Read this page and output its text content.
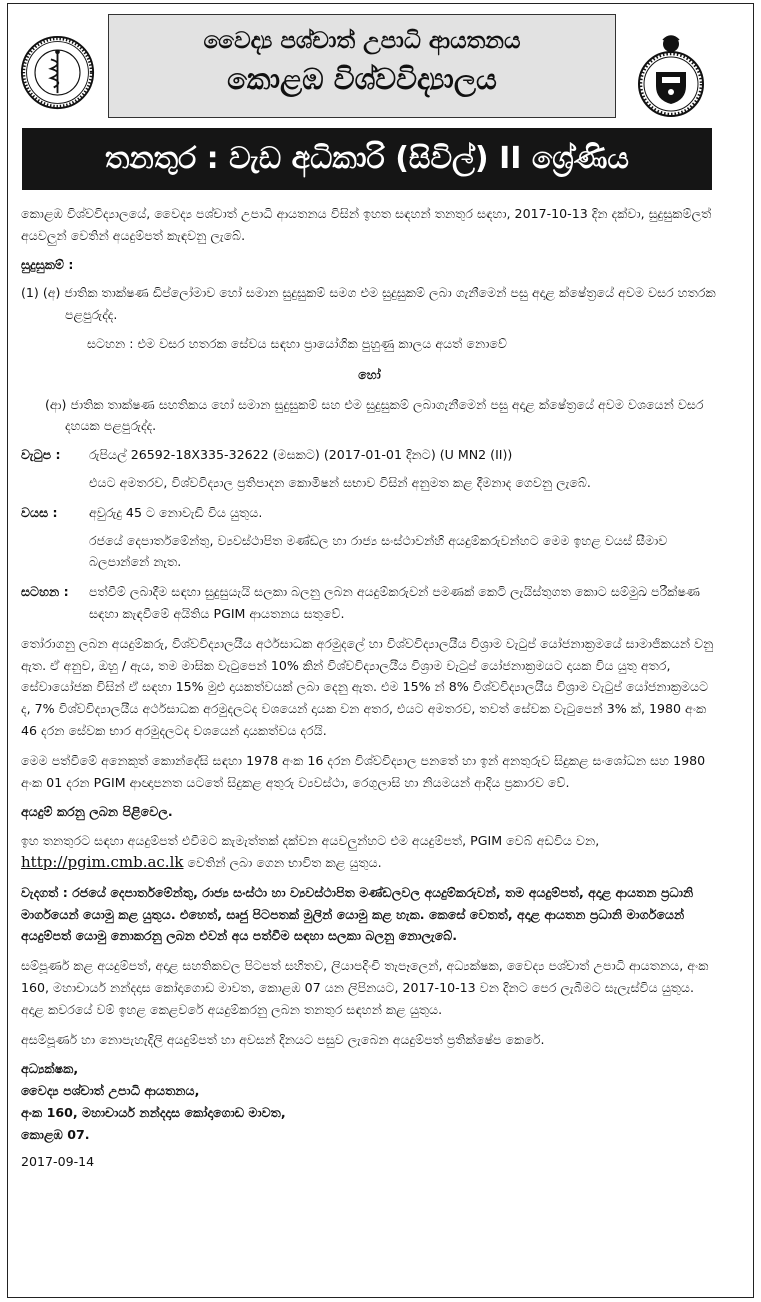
වෛද්‍ය පශ්චාත් උපාධි ආයතනය
කොළඹ විශ්වවිද්‍යාලය
තනතුර : වැඩ අධිකාරි (සිවිල්) II ශ්‍රේණිය

කොළඹ විශ්වවිද්‍යාලයේ, වෛද්‍ය පශ්චාත් උපාධි ආයතනය විසින් ඉහත සඳහන් තනතුර සඳහා, 2017-10-13 දින දක්වා, සුදුසුකම්ලත් අයවලුන් වෙතින් අයදුම්පත් කැඳවනු ලැබේ.

සුදුසුකම් :

(1) (අ) ජාතික තාක්ෂණ ඩිප්ලෝමාව හෝ සමාන සුදුසුකම් සමග එම සුදුසුකම් ලබා ගැනීමෙන් පසු අදාළ ක්ෂේත්‍රයේ අවම වසර හතරක පළපුරුද්ද.

සටහන : එම වසර හතරක සේවය සඳහා ප්‍රායෝගික පුහුණු කාලය අයත් නොවේ

හෝ

(ආ) ජාතික තාක්ෂණ සහතිකය හෝ සමාන සුදුසුකම් සහ එම සුදුසුකම් ලබාගැනීමෙන් පසු අදාළ ක්ෂේත්‍රයේ අවම වශයෙන් වසර දහයක පළපුරුද්ද.

වැටුප :	රුපියල් 26592-18X335-32622 (මසකට) (2017-01-01 දිනට) (U MN2 (II))
එයට අමතරව, විශ්වවිද්‍යාල ප්‍රතිපාදන කොමිෂන් සභාව විසින් අනුමත කළ දීමනාද ගෙවනු ලැබේ.
වයස :	අවුරුදු 45 ට නොවැඩි විය යුතුය.
රජයේ දෙපාර්තමේන්තු, ව්‍යවස්ථාපිත මණ්ඩල හා රාජ්‍ය සංස්ථාවන්හි අයදුම්කරුවන්හට මෙම ඉහළ වයස් සීමාව බලපාන්නේ නැත.
සටහන :	පත්වීම් ලබාදීම සඳහා සුදුසුයැයි සලකා බලනු ලබන අයදුම්කරුවන් පමණක් කෙටි ලැයිස්තුගත කොට සම්මුඛ පරීක්ෂණ සඳහා කැඳවීමේ අයිතිය PGIM ආයතනය සතුවේ.

තෝරාගනු ලබන අයදුම්කරු, විශ්වවිද්‍යාලයීය අර්ථසාධක අරමුදලේ හා විශ්වවිද්‍යාලයීය විශ්‍රාම වැටුප් යෝජනාක්‍රමයේ සාමාජිකයන් වනු ඇත. ඒ අනුව, ඔහු / ඇය, තම මාසික වැටුපෙන් 10% කින් විශ්වවිද්‍යාලයීය විශ්‍රාම වැටුප් යෝජනාක්‍රමයට දායක විය යුතු අතර, සේවායෝජක විසින් ඒ සඳහා 15% මුළු දායකත්වයක් ලබා දෙනු ඇත. එම 15% න් 8% විශ්වවිද්‍යාලයීය විශ්‍රාම වැටුප් යෝජනාක්‍රමයට ද, 7% විශ්වවිද්‍යාලයීය අර්ථසාධක අරමුදලටද වශයෙන් දායක වන අතර, එයට අමතරව, තවත් සේවක වැටුපෙන් 3% ක්, 1980 අංක 46 දරන සේවක භාර අරමුදලටද වශයෙන් දායකත්වය දරයි.

මෙම පත්වීමේ අනෙකුත් කොන්දේසි සඳහා 1978 අංක 16 දරන විශ්වවිද්‍යාල පනතේ හා ඉන් අනතුරුව සිදුකළ සංශෝධන සහ 1980 අංක 01 දරන PGIM ආඥාපනත යටතේ සිදුකළ අතුරු ව්‍යවස්ථා, රෙගුලාසි හා නියමයන් ආදිය ප්‍රකාරව වේ.

අයදුම් කරනු ලබන පිළිවෙල.

ඉහ තනතුරට සඳහා අයදුම්පත් එවීමට කැමැත්තක් දක්වන අයවලුන්හට එම අයදුම්පත්, PGIM වෙබ් අඩවිය වන, http://pgim.cmb.ac.lk වෙතින් ලබා ගෙන භාවිත කළ යුතුය.

වැදගත් : රජයේ දෙපාර්තමේන්තු, රාජ්‍ය සංස්ථා හා ව්‍යවස්ථාපිත මණ්ඩලවල අයදුම්කරුවන්, තම අයදුම්පත්, අදාළ ආයතන ප්‍රධානි මාර්ගයෙන් යොමු කළ යුතුය. එහෙත්, සෘජු පිටපතක් මුලින් යොමු කළ හැක. කෙසේ වෙතත්, අදාළ ආයතන ප්‍රධානි මාර්ගයෙන් අයදුම්පත් යොමු නොකරනු ලබන එවන් අය පත්වීම සඳහා සලකා බලනු නොලැබේ.

සම්පූර්ණ කළ අයදුම්පත්, අදාළ සහතිකවල පිටපත් සහිතව, ලියාපදිංචි තැපෑලෙන්, අධ්‍යක්ෂක, වෛද්‍ය පශ්චාත් උපාධි ආයතනය, අංක 160, මහාචාර්ය නන්දදාස කෝදාගොඩ මාවත, කොළඹ 07 යන ලිපිනයට, 2017-10-13 වන දිනට පෙර ලැබීමට සැලැස්විය යුතුය. අදාළ කවරයේ වම් ඉහළ කෙළවරේ අයදුම්කරනු ලබන තනතුර සඳහන් කළ යුතුය.

අසම්පූර්ණ හා නොපැහැදිලි අයදුම්පත් හා අවසන් දිනයට පසුව ලැබෙන අයදුම්පත් ප්‍රතික්ෂේප කෙරේ.

අධ්‍යක්ෂක,

වෛද්‍ය පශ්චාත් උපාධි ආයතනය,

අංක 160, මහාචාර්ය නන්දදාස කෝදාගොඩ මාවත,

කොළඹ 07.

2017-09-14
